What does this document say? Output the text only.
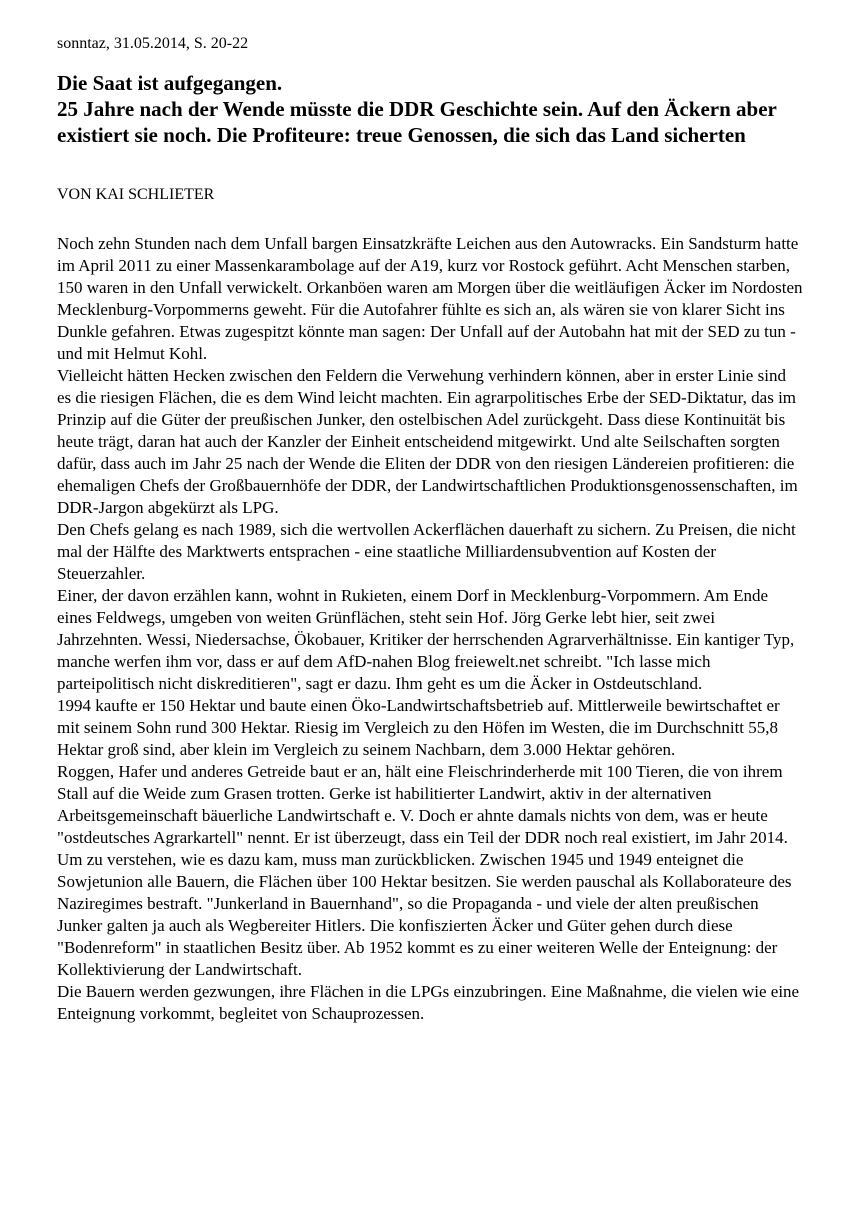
sonntaz, 31.05.2014, S. 20-22
Die Saat ist aufgegangen.
25 Jahre nach der Wende müsste die DDR Geschichte sein. Auf den Äckern aber existiert sie noch. Die Profiteure: treue Genossen, die sich das Land sicherten
VON KAI SCHLIETER

Noch zehn Stunden nach dem Unfall bargen Einsatzkräfte Leichen aus den Autowracks. Ein Sandsturm hatte im April 2011 zu einer Massenkarambolage auf der A19, kurz vor Rostock geführt. Acht Menschen starben, 150 waren in den Unfall verwickelt. Orkanböen waren am Morgen über die weitläufigen Äcker im Nordosten Mecklenburg-Vorpommerns geweht. Für die Autofahrer fühlte es sich an, als wären sie von klarer Sicht ins Dunkle gefahren. Etwas zugespitzt könnte man sagen: Der Unfall auf der Autobahn hat mit der SED zu tun - und mit Helmut Kohl.

Vielleicht hätten Hecken zwischen den Feldern die Verwehung verhindern können, aber in erster Linie sind es die riesigen Flächen, die es dem Wind leicht machten. Ein agrarpolitisches Erbe der SED-Diktatur, das im Prinzip auf die Güter der preußischen Junker, den ostelbischen Adel zurückgeht. Dass diese Kontinuität bis heute trägt, daran hat auch der Kanzler der Einheit entscheidend mitgewirkt. Und alte Seilschaften sorgten dafür, dass auch im Jahr 25 nach der Wende die Eliten der DDR von den riesigen Ländereien profitieren: die ehemaligen Chefs der Großbauernhöfe der DDR, der Landwirtschaftlichen Produktionsgenossenschaften, im DDR-Jargon abgekürzt als LPG.

Den Chefs gelang es nach 1989, sich die wertvollen Ackerflächen dauerhaft zu sichern. Zu Preisen, die nicht mal der Hälfte des Marktwerts entsprachen - eine staatliche Milliardensubvention auf Kosten der Steuerzahler.

Einer, der davon erzählen kann, wohnt in Rukieten, einem Dorf in Mecklenburg-Vorpommern. Am Ende eines Feldwegs, umgeben von weiten Grünflächen, steht sein Hof. Jörg Gerke lebt hier, seit zwei Jahrzehnten. Wessi, Niedersachse, Ökobauer, Kritiker der herrschenden Agrarverhältnisse. Ein kantiger Typ, manche werfen ihm vor, dass er auf dem AfD-nahen Blog freiewelt.net schreibt. "Ich lasse mich parteipolitisch nicht diskreditieren", sagt er dazu. Ihm geht es um die Äcker in Ostdeutschland.

1994 kaufte er 150 Hektar und baute einen Öko-Landwirtschaftsbetrieb auf. Mittlerweile bewirtschaftet er mit seinem Sohn rund 300 Hektar. Riesig im Vergleich zu den Höfen im Westen, die im Durchschnitt 55,8 Hektar groß sind, aber klein im Vergleich zu seinem Nachbarn, dem 3.000 Hektar gehören.

Roggen, Hafer und anderes Getreide baut er an, hält eine Fleischrinderherde mit 100 Tieren, die von ihrem Stall auf die Weide zum Grasen trotten. Gerke ist habilitierter Landwirt, aktiv in der alternativen Arbeitsgemeinschaft bäuerliche Landwirtschaft e. V. Doch er ahnte damals nichts von dem, was er heute "ostdeutsches Agrarkartell" nennt. Er ist überzeugt, dass ein Teil der DDR noch real existiert, im Jahr 2014.

Um zu verstehen, wie es dazu kam, muss man zurückblicken. Zwischen 1945 und 1949 enteignet die Sowjetunion alle Bauern, die Flächen über 100 Hektar besitzen. Sie werden pauschal als Kollaborateure des Naziregimes bestraft. "Junkerland in Bauernhand", so die Propaganda - und viele der alten preußischen Junker galten ja auch als Wegbereiter Hitlers. Die konfiszierten Äcker und Güter gehen durch diese "Bodenreform" in staatlichen Besitz über. Ab 1952 kommt es zu einer weiteren Welle der Enteignung: der Kollektivierung der Landwirtschaft.

Die Bauern werden gezwungen, ihre Flächen in die LPGs einzubringen. Eine Maßnahme, die vielen wie eine Enteignung vorkommt, begleitet von Schauprozessen.
